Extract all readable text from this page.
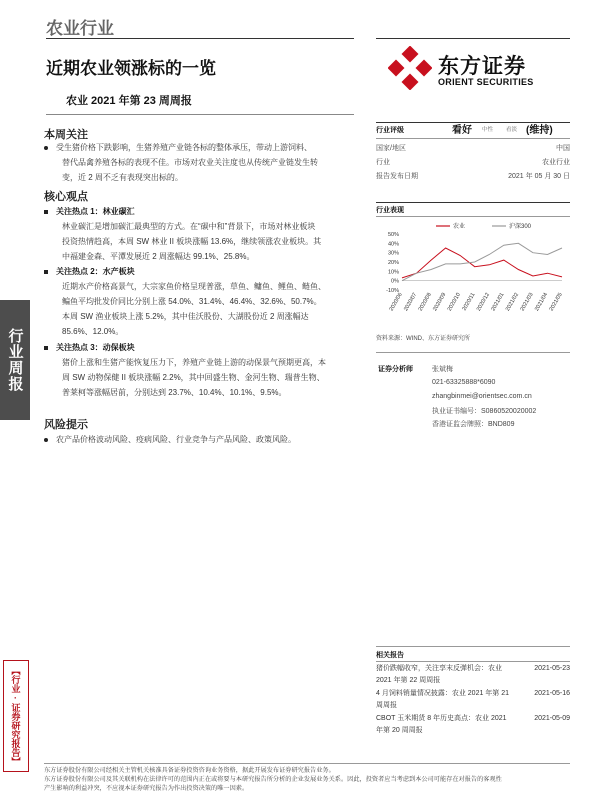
农业行业
近期农业领涨标的一览
农业 2021 年第 23 周周报
东方证券
ORIENT SECURITIES
行业周报
【行业·证券研究报告】
本周关注
受生猪价格下跌影响，生猪养殖产业链各标的整体承压，带动上游饲料、
替代品禽养殖各标的表现不佳。市场对农业关注度也从传统产业链发生转
变，近 2 周不乏有表现突出标的。
核心观点
关注热点 1：林业碳汇
林业碳汇是增加碳汇最典型的方式。在“碳中和”背景下，市场对林业板块
投资热情趋高，本周 SW 林业 II 板块涨幅 13.6%，继续领涨农业板块。其
中福建金森、平潭发展近 2 周涨幅达 99.1%、25.8%。
关注热点 2：水产板块
近期水产价格高景气，大宗家鱼价格呈现普涨，草鱼、鳙鱼、鲤鱼、鲢鱼、
鳊鱼平均批发价同比分别上涨 54.0%、31.4%、46.4%、32.6%、50.7%。
本周 SW 渔业板块上涨 5.2%，其中佳沃股份、大湖股份近 2 周涨幅达
85.6%、12.0%。
关注热点 3：动保板块
猪价上涨和生猪产能恢复压力下，养殖产业链上游的动保景气预期更高，本
周 SW 动物保健 II 板块涨幅 2.2%，其中回盛生物、金河生物、瑞普生物、
普莱柯等涨幅居前，分别达到 23.7%、10.4%、10.1%、9.5%。
风险提示
农产品价格波动风险、疫病风险、行业竞争与产品风险、政策风险。
行业评级	看好 中性 看淡 (维持)
国家/地区	中国
行业	农业行业
报告发布日期	2021 年 05 月 30 日
行业表现
50%
40%
30%
20%
10%
0%
-10%
农业	沪深300
2020/06 2020/07 2020/08 2020/09 2020/10 2020/11 2020/12 2021/01 2021/02 2021/03 2021/04 2021/05
资料来源：WIND、东方证券研究所
证券分析师	张斌梅
021-63325888*6090
zhangbinmei@orientsec.com.cn
执业证书编号：S0860520020002
香港证监会牌照：BND809
相关报告
猪价跌幅收窄，关注享末反弹机会：农业
2021 年第 22 周周报
2021-05-23
4 月饲料销量情况披露：农业 2021 年第 21
周周报
2021-05-16
CBOT 玉米期货 8 年历史高点：农业 2021
年第 20 周周报
2021-05-09
东方证券股份有限公司经相关主管机关核准具备证券投资咨询业务资格，据此开展发布证券研究报告业务。
东方证券股份有限公司及其关联机构在法律许可的范围内正在或将要与本研究报告所分析的企业发展业务关系。因此，投资者应当考虑到本公司可能存在对报告的客观性
产生影响的利益冲突，不应视本证券研究报告为作出投资决策的唯一因素。
